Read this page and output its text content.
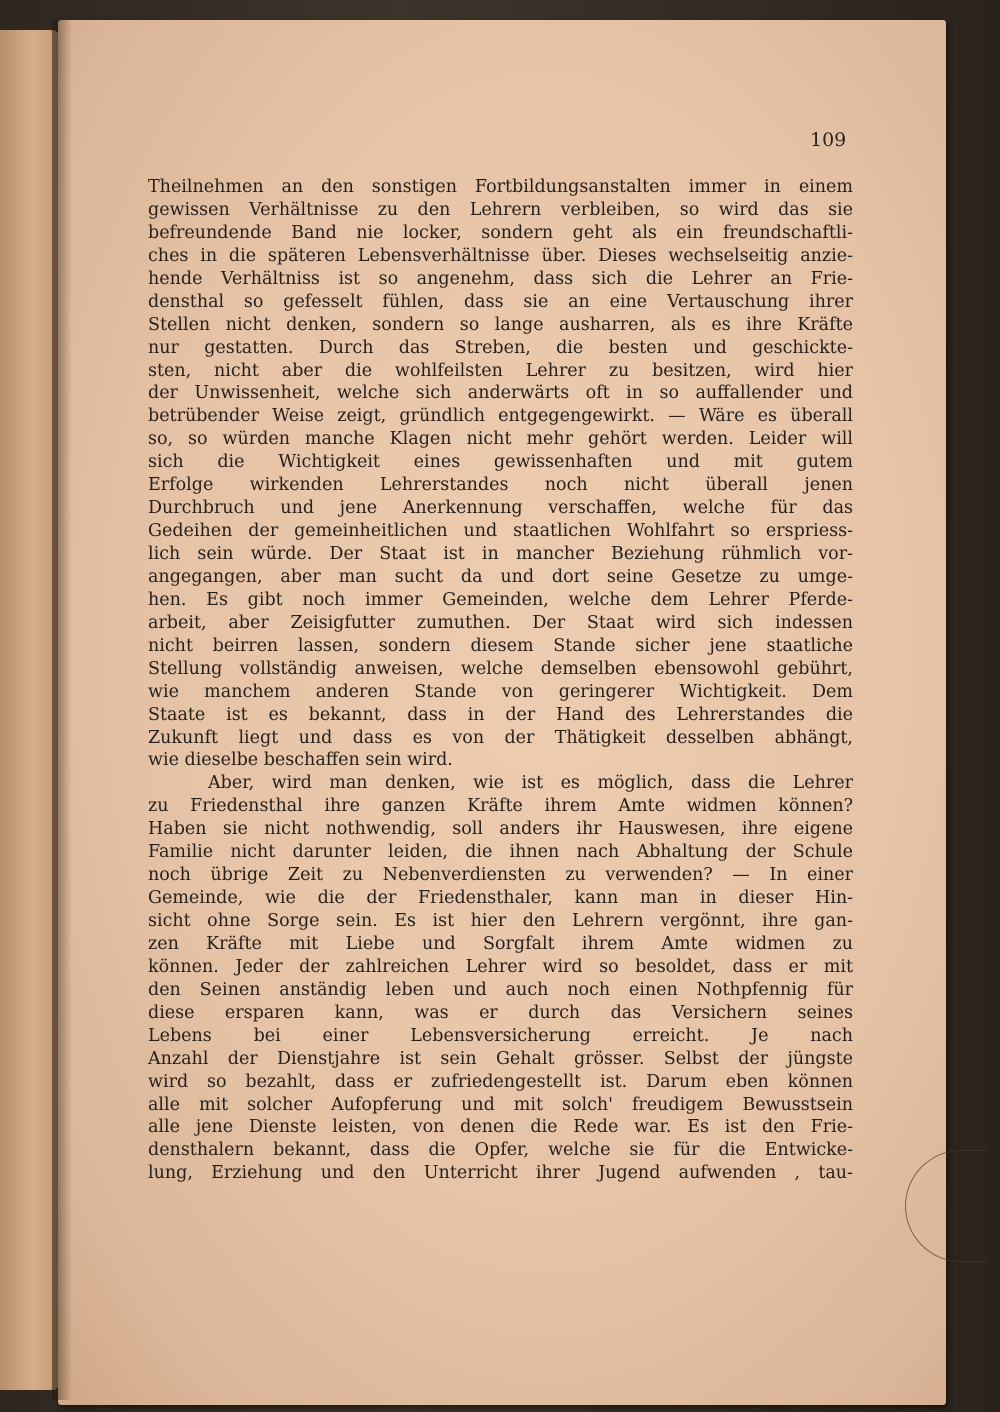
109
Theilnehmen an den sonstigen Fortbildungsanstalten immer in einem
gewissen Verhältnisse zu den Lehrern verbleiben, so wird das sie
befreundende Band nie locker, sondern geht als ein freundschaftli-
ches in die späteren Lebensverhältnisse über. Dieses wechselseitig anzie-
hende Verhältniss ist so angenehm, dass sich die Lehrer an Frie-
densthal so gefesselt fühlen, dass sie an eine Vertauschung ihrer
Stellen nicht denken, sondern so lange ausharren, als es ihre Kräfte
nur gestatten. Durch das Streben, die besten und geschickte-
sten, nicht aber die wohlfeilsten Lehrer zu besitzen, wird hier
der Unwissenheit, welche sich anderwärts oft in so auffallender und
betrübender Weise zeigt, gründlich entgegengewirkt. — Wäre es überall
so, so würden manche Klagen nicht mehr gehört werden. Leider will
sich die Wichtigkeit eines gewissenhaften und mit gutem
Erfolge wirkenden Lehrerstandes noch nicht überall jenen
Durchbruch und jene Anerkennung verschaffen, welche für das
Gedeihen der gemeinheitlichen und staatlichen Wohlfahrt so erspriess-
lich sein würde. Der Staat ist in mancher Beziehung rühmlich vor-
angegangen, aber man sucht da und dort seine Gesetze zu umge-
hen. Es gibt noch immer Gemeinden, welche dem Lehrer Pferde-
arbeit, aber Zeisigfutter zumuthen. Der Staat wird sich indessen
nicht beirren lassen, sondern diesem Stande sicher jene staatliche
Stellung vollständig anweisen, welche demselben ebensowohl gebührt,
wie manchem anderen Stande von geringerer Wichtigkeit. Dem
Staate ist es bekannt, dass in der Hand des Lehrerstandes die
Zukunft liegt und dass es von der Thätigkeit desselben abhängt,
wie dieselbe beschaffen sein wird.
Aber, wird man denken, wie ist es möglich, dass die Lehrer
zu Friedensthal ihre ganzen Kräfte ihrem Amte widmen können?
Haben sie nicht nothwendig, soll anders ihr Hauswesen, ihre eigene
Familie nicht darunter leiden, die ihnen nach Abhaltung der Schule
noch übrige Zeit zu Nebenverdiensten zu verwenden? — In einer
Gemeinde, wie die der Friedensthaler, kann man in dieser Hin-
sicht ohne Sorge sein. Es ist hier den Lehrern vergönnt, ihre gan-
zen Kräfte mit Liebe und Sorgfalt ihrem Amte widmen zu
können. Jeder der zahlreichen Lehrer wird so besoldet, dass er mit
den Seinen anständig leben und auch noch einen Nothpfennig für
diese ersparen kann, was er durch das Versichern seines
Lebens bei einer Lebensversicherung erreicht. Je nach
Anzahl der Dienstjahre ist sein Gehalt grösser. Selbst der jüngste
wird so bezahlt, dass er zufriedengestellt ist. Darum eben können
alle mit solcher Aufopferung und mit solch' freudigem Bewusstsein
alle jene Dienste leisten, von denen die Rede war. Es ist den Frie-
densthalern bekannt, dass die Opfer, welche sie für die Entwicke-
lung, Erziehung und den Unterricht ihrer Jugend aufwenden , tau-
